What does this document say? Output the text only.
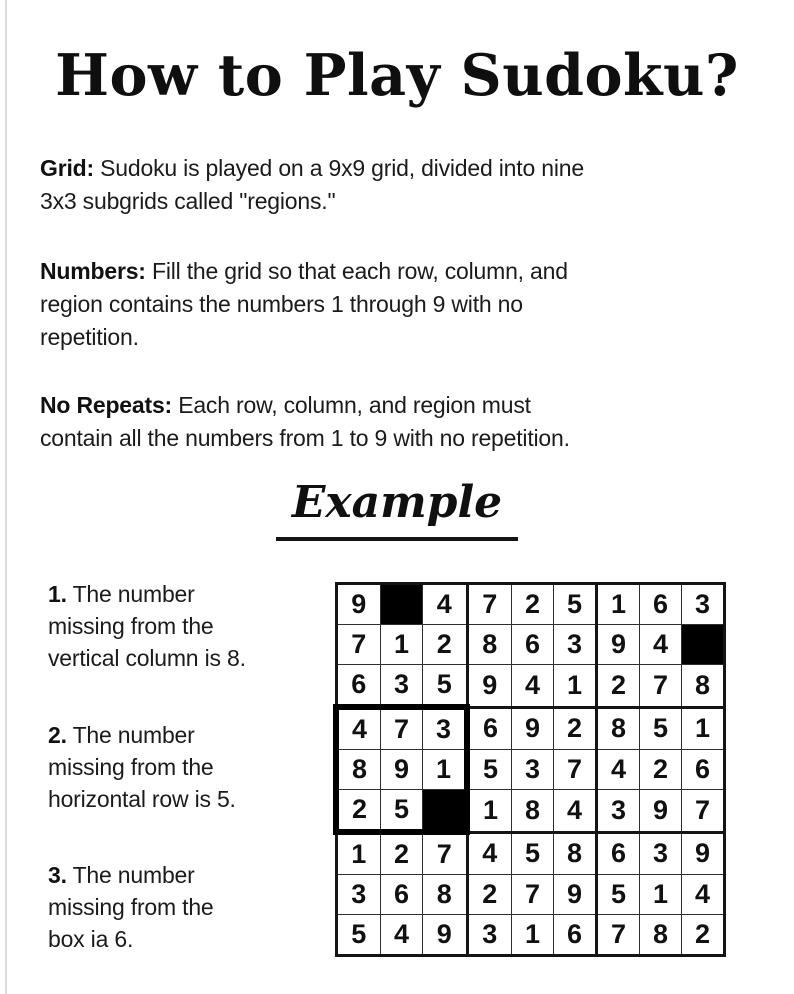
How to Play Sudoku?

Grid: Sudoku is played on a 9x9 grid, divided into nine
3x3 subgrids called "regions."

Numbers: Fill the grid so that each row, column, and
region contains the numbers 1 through 9 with no
repetition.

No Repeats: Each row, column, and region must
contain all the numbers from 1 to 9 with no repetition.

Example
1. The number
missing from the
vertical column is 8.
2. The number
missing from the
horizontal row is 5.
3. The number
missing from the
box ia 6.
9		4	7	2	5	1	6	3
7	1	2	8	6	3	9	4	
6	3	5	9	4	1	2	7	8
4	7	3	6	9	2	8	5	1
8	9	1	5	3	7	4	2	6
2	5		1	8	4	3	9	7
1	2	7	4	5	8	6	3	9
3	6	8	2	7	9	5	1	4
5	4	9	3	1	6	7	8	2
